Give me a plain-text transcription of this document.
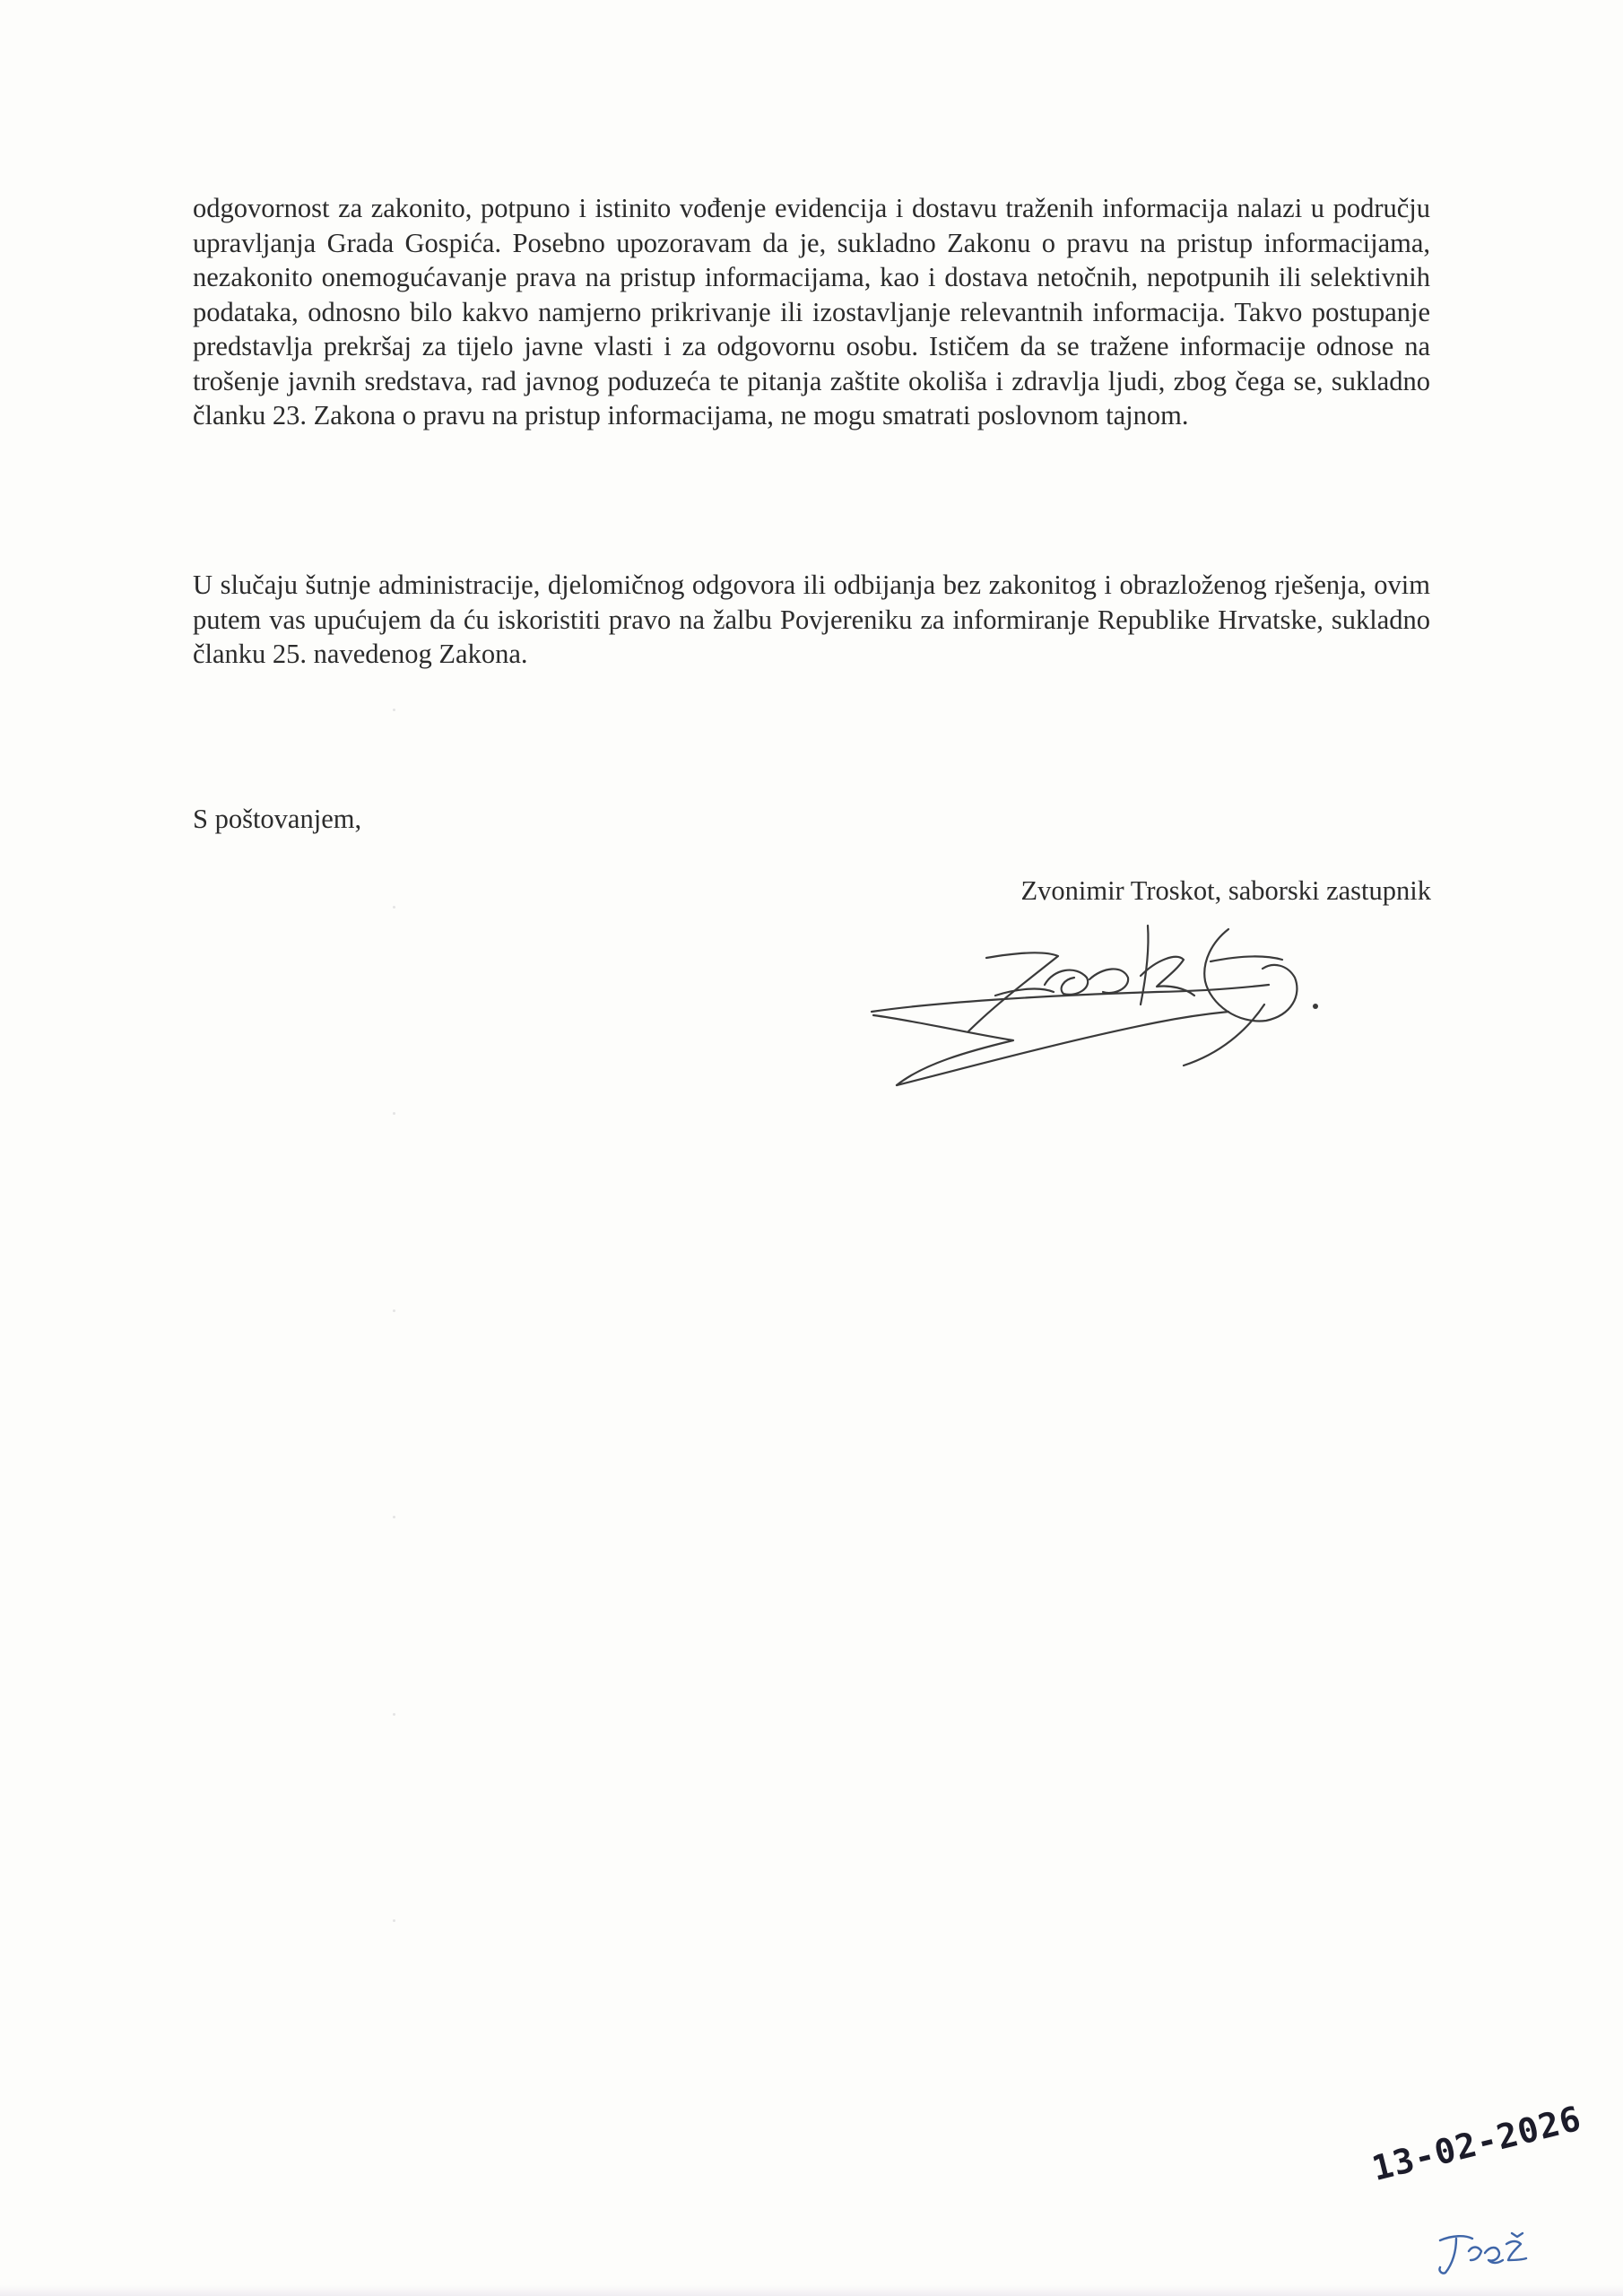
odgovornost za zakonito, potpuno i istinito vođenje evidencija i dostavu traženih informacija nalazi u području upravljanja Grada Gospića. Posebno upozoravam da je, sukladno Zakonu o pravu na pristup informacijama, nezakonito onemogućavanje prava na pristup informacijama, kao i dostava netočnih, nepotpunih ili selektivnih podataka, odnosno bilo kakvo namjerno prikrivanje ili izostavljanje relevantnih informacija. Takvo postupanje predstavlja prekršaj za tijelo javne vlasti i za odgovornu osobu. Ističem da se tražene informacije odnose na trošenje javnih sredstava, rad javnog poduzeća te pitanja zaštite okoliša i zdravlja ljudi, zbog čega se, sukladno članku 23. Zakona o pravu na pristup informacijama, ne mogu smatrati poslovnom tajnom.

U slučaju šutnje administracije, djelomičnog odgovora ili odbijanja bez zakonitog i obrazloženog rješenja, ovim putem vas upućujem da ću iskoristiti pravo na žalbu Povjereniku za informiranje Republike Hrvatske, sukladno članku 25. navedenog Zakona.

S poštovanjem,

Zvonimir Troskot, saborski zastupnik

13-02-2026
